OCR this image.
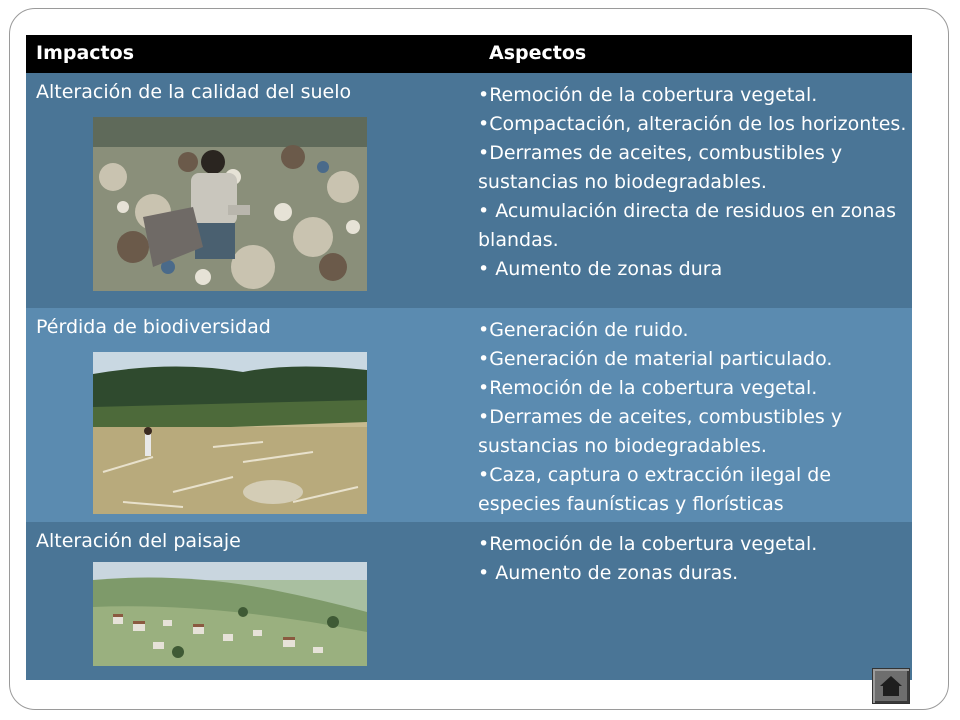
Impactos	Aspectos
Alteración de la calidad del suelo	•Remoción de la cobertura vegetal.
•Compactación, alteración de los horizontes.
•Derrames de aceites, combustibles y sustancias no biodegradables.
• Acumulación directa de residuos en zonas blandas.
• Aumento de zonas dura
Pérdida de biodiversidad	•Generación de ruido.
•Generación de material particulado.
•Remoción de la cobertura vegetal.
•Derrames de aceites, combustibles y sustancias no biodegradables.
•Caza, captura o extracción ilegal de especies faunísticas y florísticas
Alteración del paisaje	•Remoción de la cobertura vegetal.
• Aumento de zonas duras.
